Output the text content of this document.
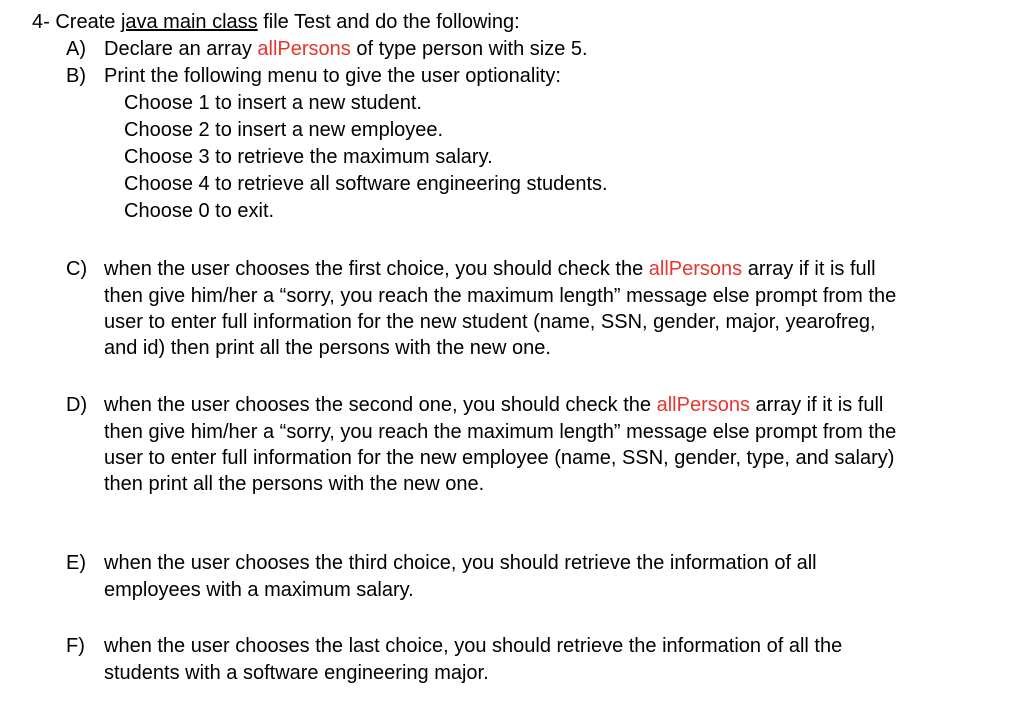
4- Create java main class file Test and do the following:
A) Declare an array allPersons of type person with size 5.
B) Print the following menu to give the user optionality:
Choose 1 to insert a new student.
Choose 2 to insert a new employee.
Choose 3 to retrieve the maximum salary.
Choose 4 to retrieve all software engineering students.
Choose 0 to exit.
C) when the user chooses the first choice, you should check the allPersons array if it is full
then give him/her a “sorry, you reach the maximum length” message else prompt from the
user to enter full information for the new student (name, SSN, gender, major, yearofreg,
and id) then print all the persons with the new one.
D) when the user chooses the second one, you should check the allPersons array if it is full
then give him/her a “sorry, you reach the maximum length” message else prompt from the
user to enter full information for the new employee (name, SSN, gender, type, and salary)
then print all the persons with the new one.
E) when the user chooses the third choice, you should retrieve the information of all
employees with a maximum salary.
F) when the user chooses the last choice, you should retrieve the information of all the
students with a software engineering major.
